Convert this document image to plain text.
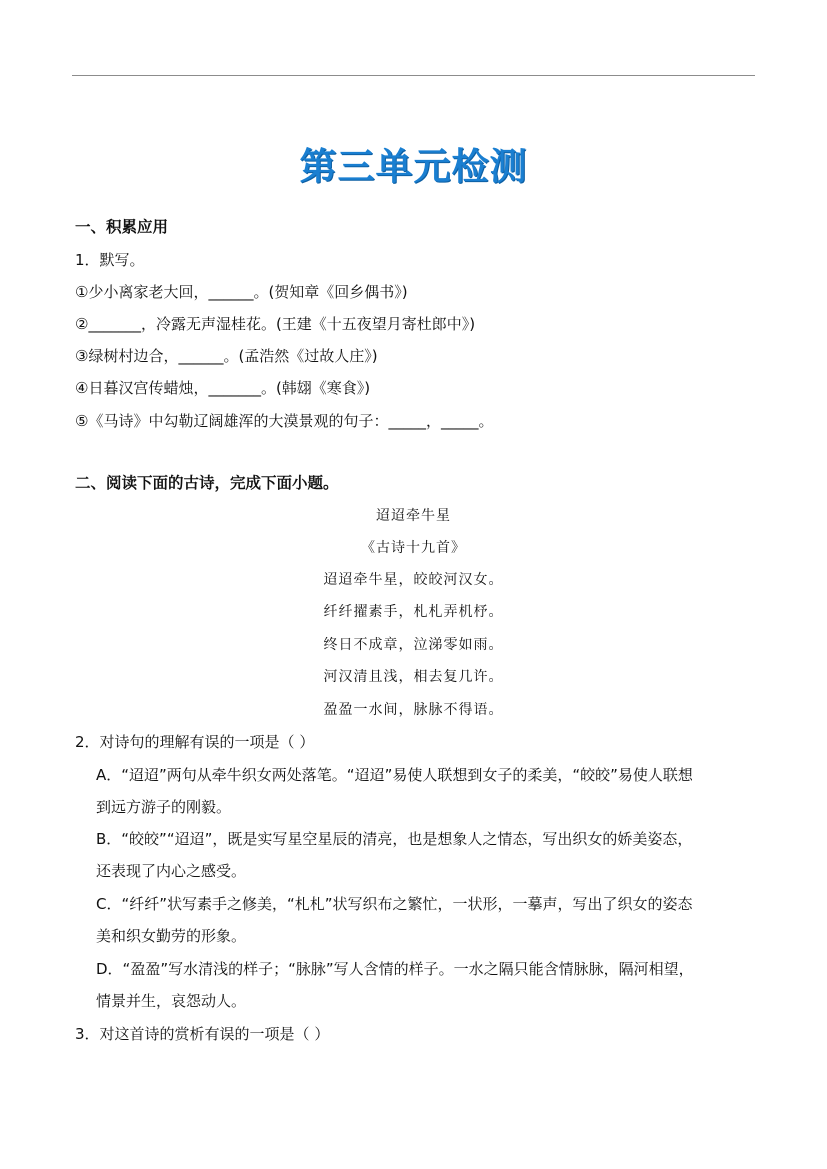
第三单元检测
一、积累应用
1．默写。
①少小离家老大回，______。(贺知章《回乡偶书》)
②_______，冷露无声湿桂花。(王建《十五夜望月寄杜郎中》)
③绿树村边合，______。(孟浩然《过故人庄》)
④日暮汉宫传蜡烛，_______。(韩翃《寒食》)
⑤《马诗》中勾勒辽阔雄浑的大漠景观的句子：_____，_____。
二、阅读下面的古诗，完成下面小题。
迢迢牵牛星
《古诗十九首》
迢迢牵牛星，皎皎河汉女。
纤纤擢素手，札札弄机杼。
终日不成章，泣涕零如雨。
河汉清且浅，相去复几许。
盈盈一水间，脉脉不得语。
2．对诗句的理解有误的一项是（ ）
A．“迢迢”两句从牵牛织女两处落笔。“迢迢”易使人联想到女子的柔美，“皎皎”易使人联想
到远方游子的刚毅。
B．“皎皎”“迢迢”，既是实写星空星辰的清亮，也是想象人之情态，写出织女的娇美姿态，
还表现了内心之感受。
C．“纤纤”状写素手之修美，“札札”状写织布之繁忙，一状形，一摹声，写出了织女的姿态
美和织女勤劳的形象。
D．“盈盈”写水清浅的样子；“脉脉”写人含情的样子。一水之隔只能含情脉脉，隔河相望，
情景并生，哀怨动人。
3．对这首诗的赏析有误的一项是（ ）
